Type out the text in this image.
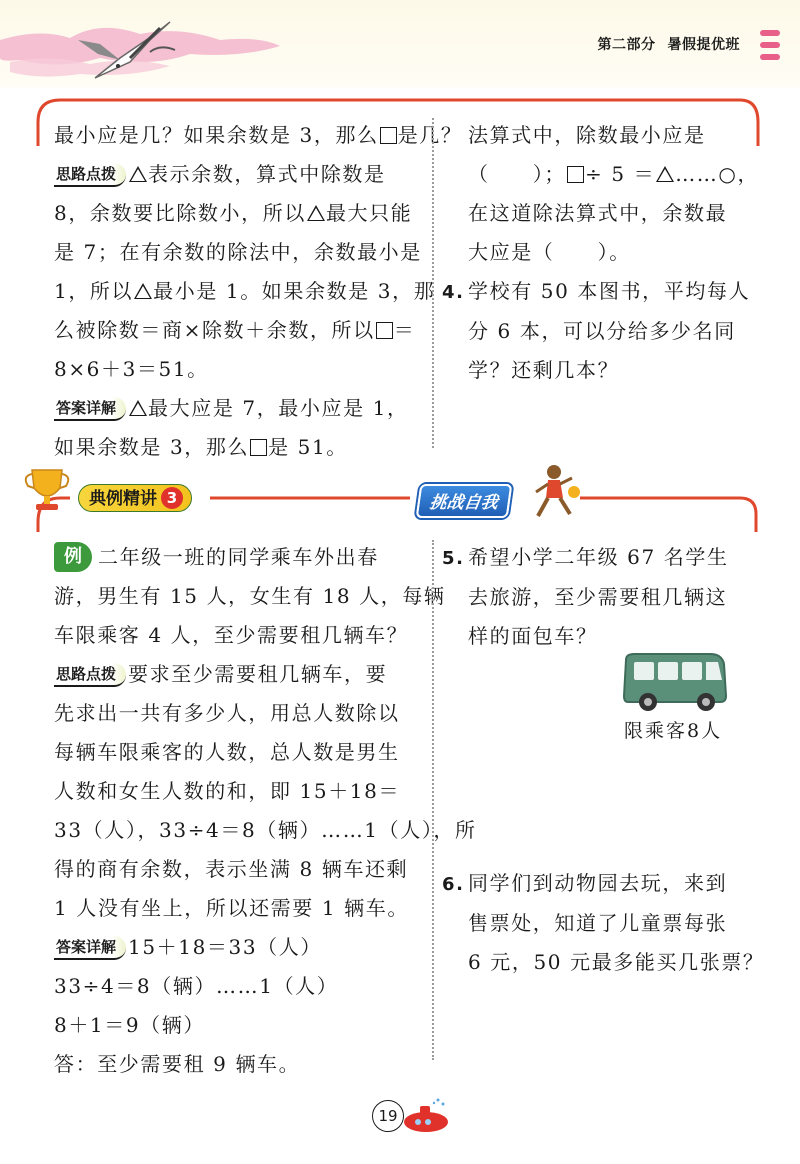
第二部分 暑假提优班
最小应是几？如果余数是 3，那么 是几？
思路点拨 表示余数，算式中除数是
8，余数要比除数小，所以 最大只能
是 7；在有余数的除法中，余数最小是
1，所以 最小是 1。如果余数是 3，那
么被除数＝商×除数＋余数，所以 ＝
8×6＋3＝51。
答案详解 最大应是 7，最小应是 1，
如果余数是 3，那么 是 51。
法算式中，除数最小应是
（　　）； ÷ 5 ＝ ……○，
在这道除法算式中，余数最
大应是（　　）。
4. 学校有 50 本图书，平均每人
分 6 本，可以分给多少名同
学？还剩几本？
典例精讲 3	挑战自我
例 二年级一班的同学乘车外出春
游，男生有 15 人，女生有 18 人，每辆
车限乘客 4 人，至少需要租几辆车？
思路点拨 要求至少需要租几辆车，要
先求出一共有多少人，用总人数除以
每辆车限乘客的人数，总人数是男生
人数和女生人数的和，即 15＋18＝
33（人），33÷4＝8（辆）……1（人），所
得的商有余数，表示坐满 8 辆车还剩
1 人没有坐上，所以还需要 1 辆车。
答案详解 15＋18＝33（人）
33÷4＝8（辆）……1（人）
8＋1＝9（辆）
答：至少需要租 9 辆车。
5. 希望小学二年级 67 名学生
去旅游，至少需要租几辆这
样的面包车？
限乘客8人
6. 同学们到动物园去玩，来到
售票处，知道了儿童票每张
6 元，50 元最多能买几张票？
19
